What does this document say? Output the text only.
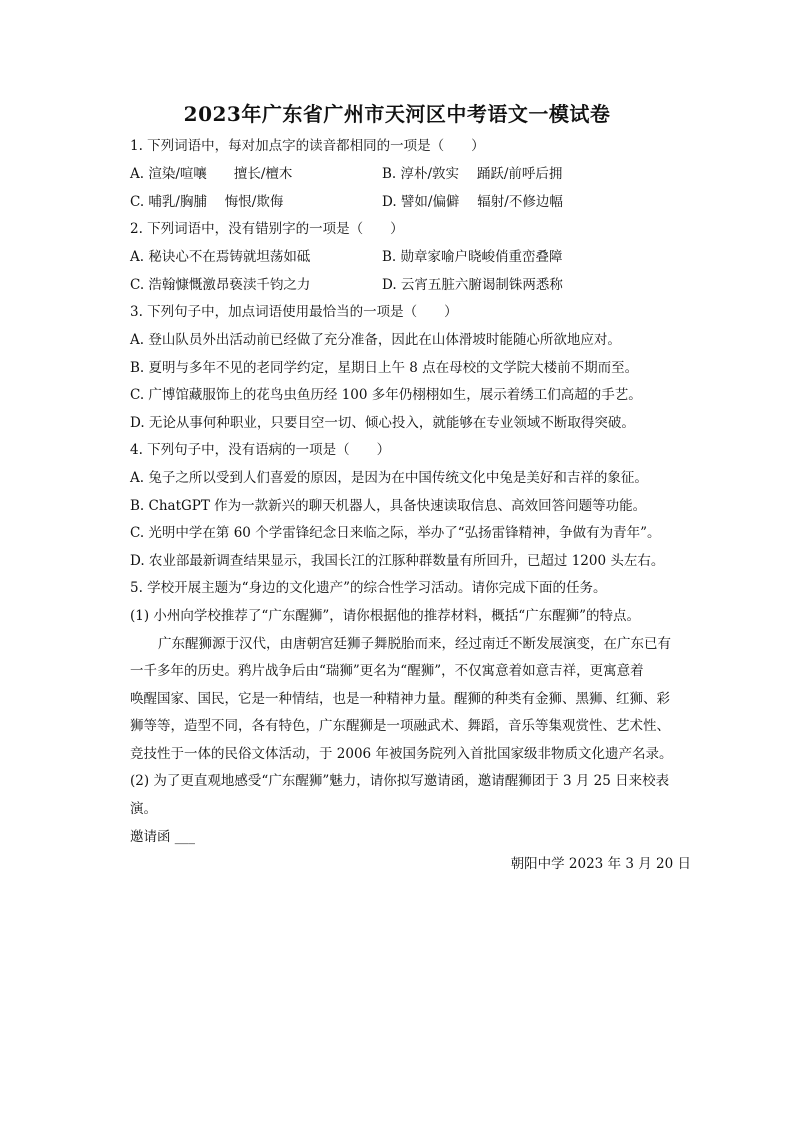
2023年广东省广州市天河区中考语文一模试卷
1. 下列词语中，每对加点字的读音都相同的一项是（　　）
A. 渲染/喧嚷　　擅长/檀木	B. 淳朴/敦实　 踊跃/前呼后拥
C. 哺乳/胸脯　 悔恨/欺侮	D. 譬如/偏僻　 辐射/不修边幅
2. 下列词语中，没有错别字的一项是（　　）
A. 秘诀心不在焉铸就坦荡如砥	B. 勋章家喻户晓峻俏重峦叠障
C. 浩翰慷慨激昂亵渎千钧之力	D. 云宵五脏六腑谒制铢两悉称
3. 下列句子中，加点词语使用最恰当的一项是（　　）
A. 登山队员外出活动前已经做了充分准备，因此在山体滑坡时能随心所欲地应对。
B. 夏明与多年不见的老同学约定，星期日上午 8 点在母校的文学院大楼前不期而至。
C. 广博馆藏服饰上的花鸟虫鱼历经 100 多年仍栩栩如生，展示着绣工们高超的手艺。
D. 无论从事何种职业，只要目空一切、倾心投入，就能够在专业领域不断取得突破。
4. 下列句子中，没有语病的一项是（　　）
A. 兔子之所以受到人们喜爱的原因，是因为在中国传统文化中兔是美好和吉祥的象征。
B. ChatGPT 作为一款新兴的聊天机器人，具备快速读取信息、高效回答问题等功能。
C. 光明中学在第 60 个学雷锋纪念日来临之际，举办了“弘扬雷锋精神，争做有为青年”。
D. 农业部最新调查结果显示，我国长江的江豚种群数量有所回升，已超过 1200 头左右。
5. 学校开展主题为“身边的文化遗产”的综合性学习活动。请你完成下面的任务。
(1) 小州向学校推荐了“广东醒狮”，请你根据他的推荐材料，概括“广东醒狮”的特点。
广东醒狮源于汉代，由唐朝宫廷狮子舞脱胎而来，经过南迁不断发展演变，在广东已有
一千多年的历史。鸦片战争后由“瑞狮”更名为“醒狮”，不仅寓意着如意吉祥，更寓意着
唤醒国家、国民，它是一种情结，也是一种精神力量。醒狮的种类有金狮、黑狮、红狮、彩
狮等等，造型不同，各有特色，广东醒狮是一项融武术、舞蹈，音乐等集观赏性、艺术性、
竞技性于一体的民俗文体活动，于 2006 年被国务院列入首批国家级非物质文化遗产名录。
(2) 为了更直观地感受“广东醒狮”魅力，请你拟写邀请函，邀请醒狮团于 3 月 25 日来校表
演。
邀请函 ___
朝阳中学 2023 年 3 月 20 日
